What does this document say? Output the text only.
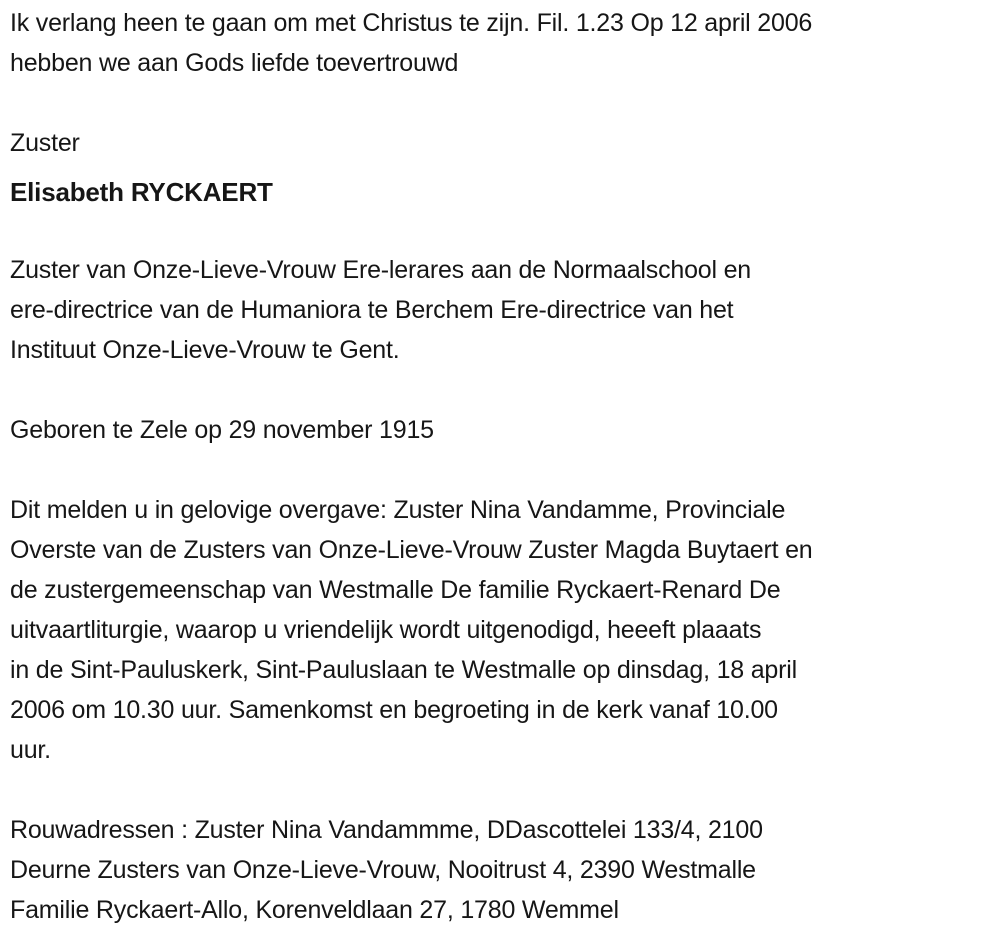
Ik verlang heen te gaan om met Christus te zijn. Fil. 1.23 Op 12 april 2006
hebben we aan Gods liefde toevertrouwd

Zuster

Elisabeth RYCKAERT

Zuster van Onze-Lieve-Vrouw Ere-lerares aan de Normaalschool en
ere-directrice van de Humaniora te Berchem Ere-directrice van het
Instituut Onze-Lieve-Vrouw te Gent.

Geboren te Zele op 29 november 1915

Dit melden u in gelovige overgave: Zuster Nina Vandamme, Provinciale
Overste van de Zusters van Onze-Lieve-Vrouw Zuster Magda Buytaert en
de zustergemeenschap van Westmalle De familie Ryckaert-Renard De
uitvaartliturgie, waarop u vriendelijk wordt uitgenodigd, heeeft plaaats
in de Sint-Pauluskerk, Sint-Pauluslaan te Westmalle op dinsdag, 18 april
2006 om 10.30 uur. Samenkomst en begroeting in de kerk vanaf 10.00
uur.

Rouwadressen : Zuster Nina Vandammme, DDascottelei 133/4, 2100
Deurne Zusters van Onze-Lieve-Vrouw, Nooitrust 4, 2390 Westmalle
Familie Ryckaert-Allo, Korenveldlaan 27, 1780 Wemmel
